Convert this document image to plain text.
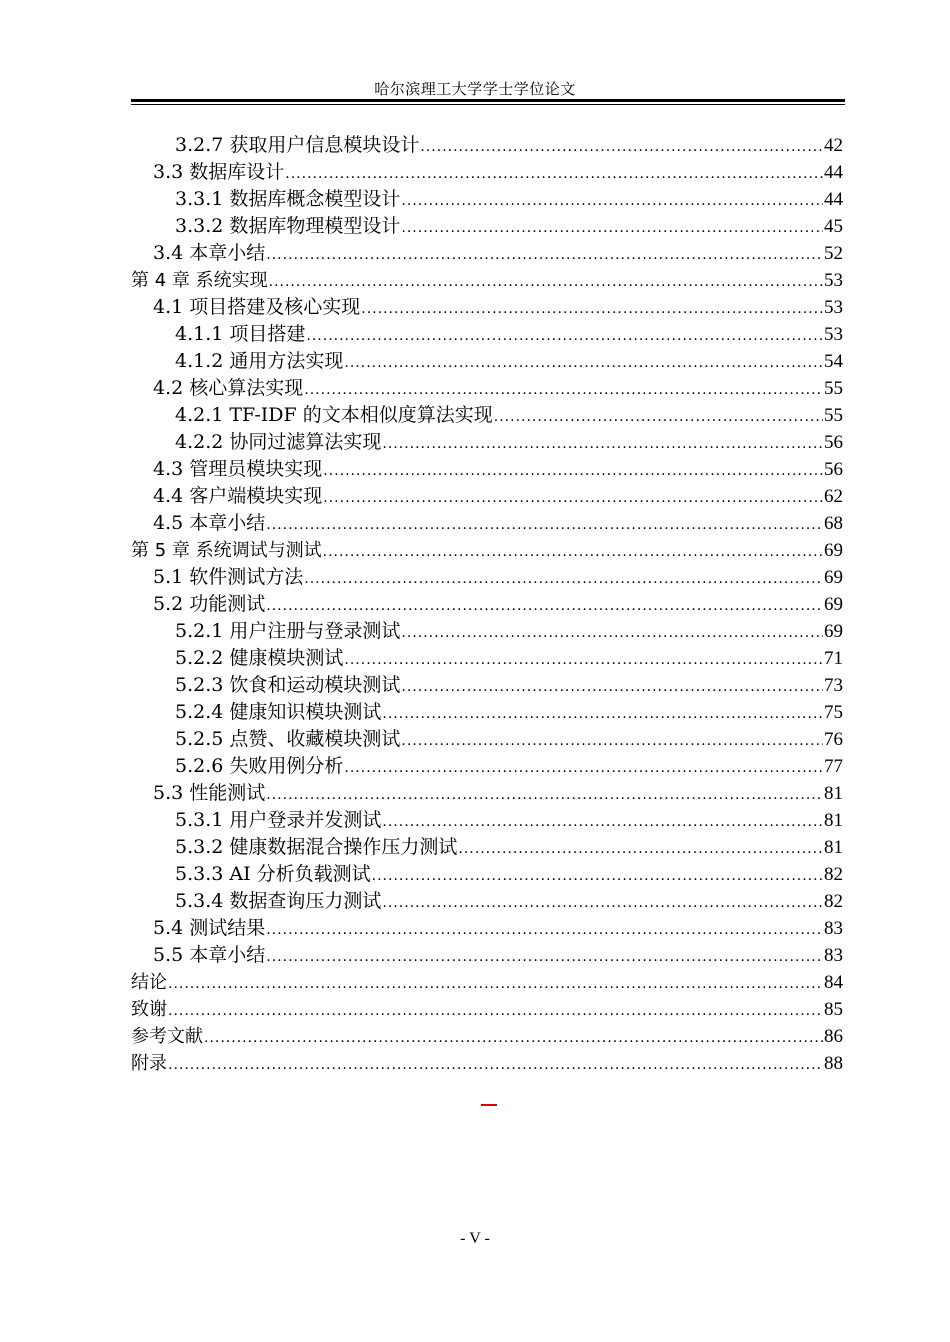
哈尔滨理工大学学士学位论文
3.2.7 获取用户信息模块设计 .....	42
3.3 数据库设计 .....	44
3.3.1 数据库概念模型设计 .....	44
3.3.2 数据库物理模型设计 .....	45
3.4 本章小结 .....	52
第 4 章 系统实现 .....	53
4.1 项目搭建及核心实现 .....	53
4.1.1 项目搭建 .....	53
4.1.2 通用方法实现 .....	54
4.2 核心算法实现 .....	55
4.2.1 TF-IDF 的文本相似度算法实现 .....	55
4.2.2 协同过滤算法实现 .....	56
4.3 管理员模块实现 .....	56
4.4 客户端模块实现 .....	62
4.5 本章小结 .....	68
第 5 章 系统调试与测试 .....	69
5.1 软件测试方法 .....	69
5.2 功能测试 .....	69
5.2.1 用户注册与登录测试 .....	69
5.2.2 健康模块测试 .....	71
5.2.3 饮食和运动模块测试 .....	73
5.2.4 健康知识模块测试 .....	75
5.2.5 点赞、收藏模块测试 .....	76
5.2.6 失败用例分析 .....	77
5.3 性能测试 .....	81
5.3.1 用户登录并发测试 .....	81
5.3.2 健康数据混合操作压力测试 .....	81
5.3.3 AI 分析负载测试 .....	82
5.3.4 数据查询压力测试 .....	82
5.4 测试结果 .....	83
5.5 本章小结 .....	83
结论 .....	84
致谢 .....	85
参考文献 .....	86
附录 .....	88
- V -
